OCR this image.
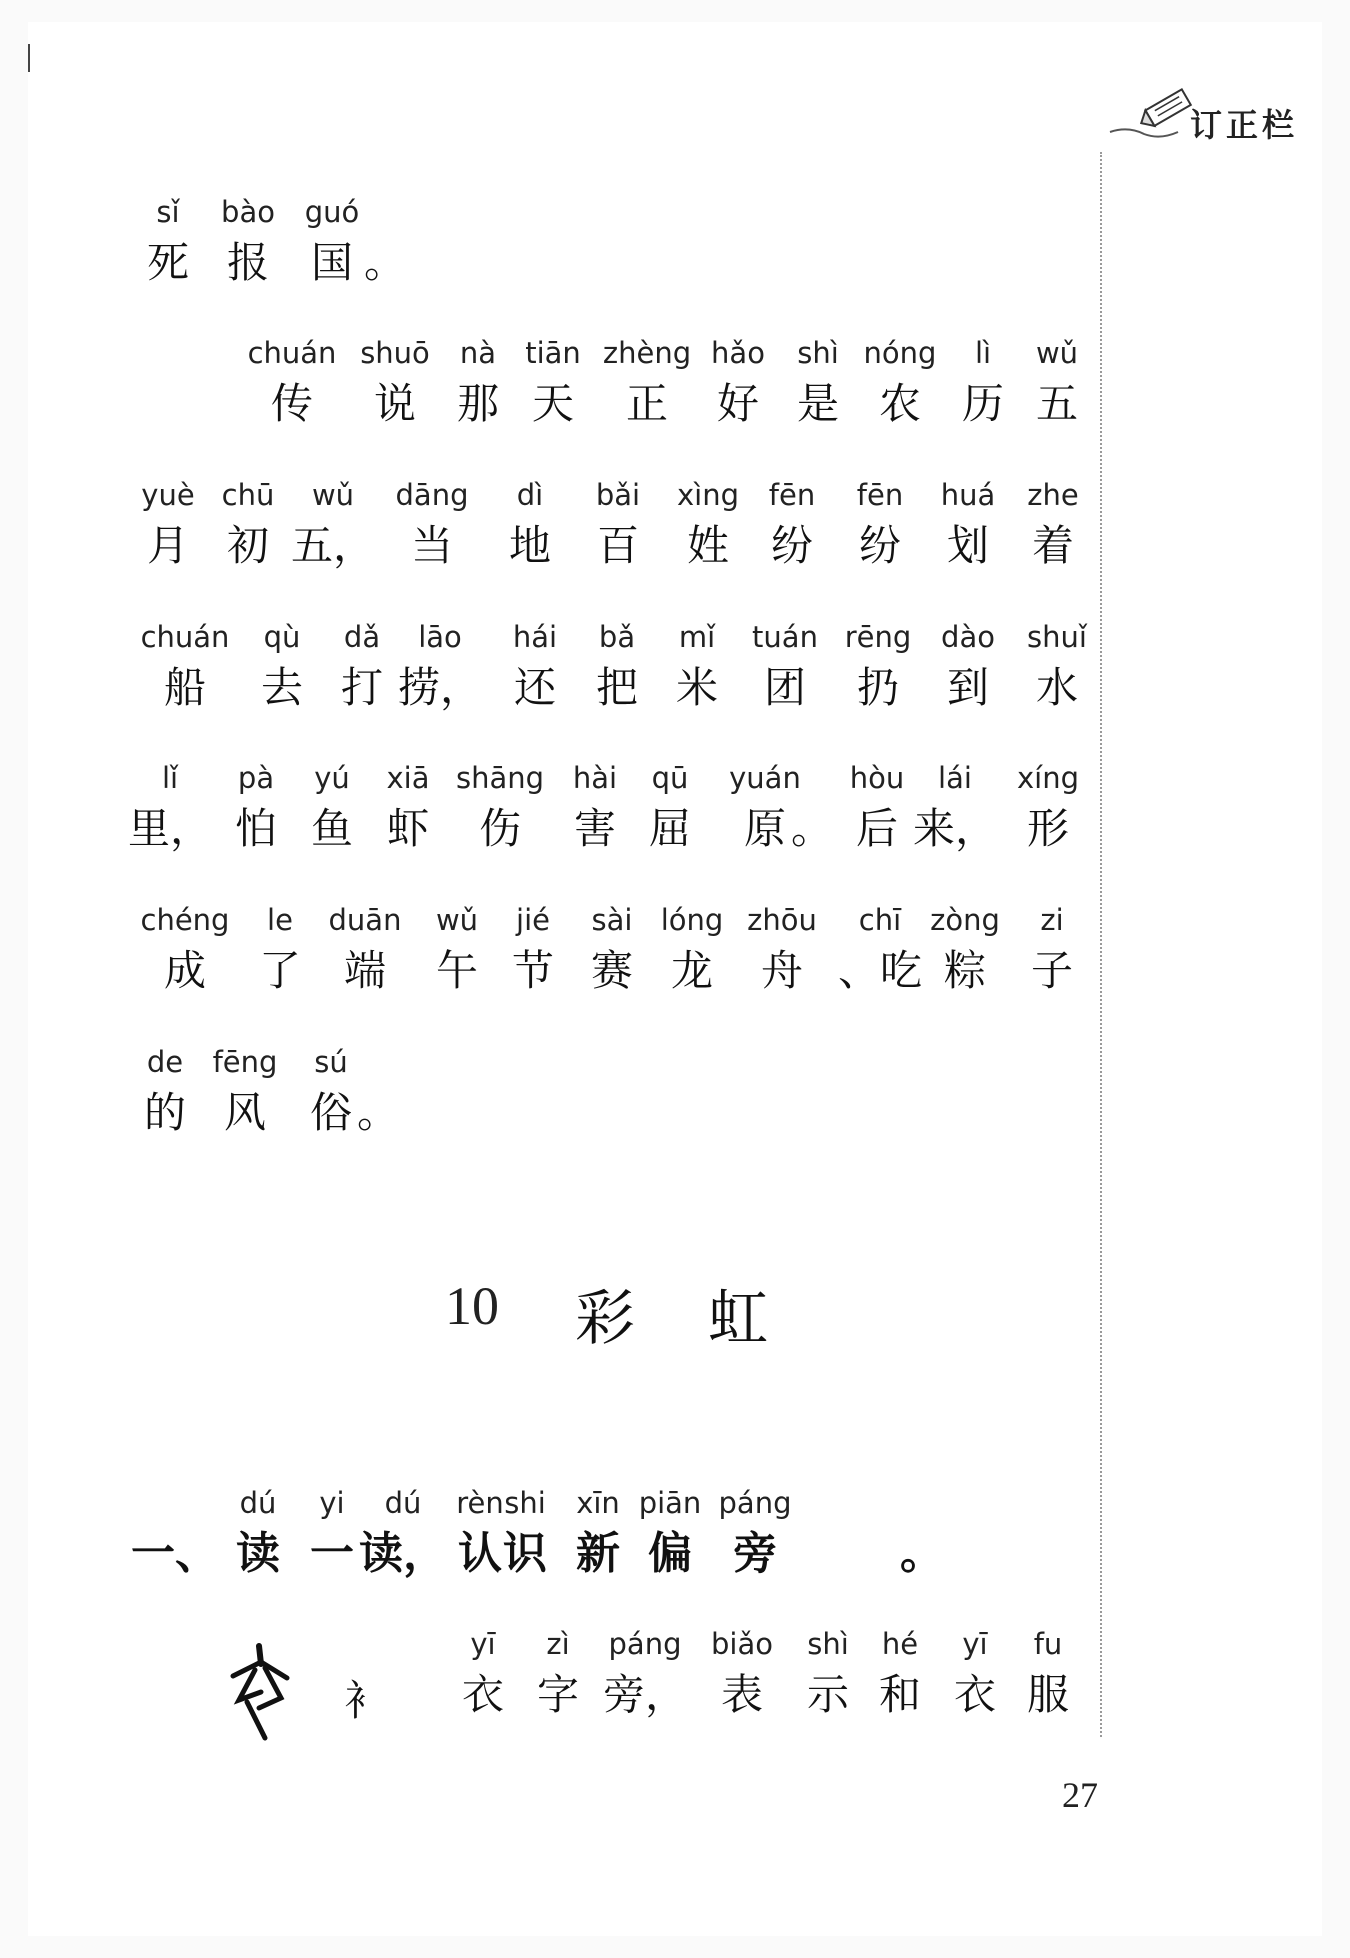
订正栏
sǐ
死
bào
报
guó
国 。
chuán
传
shuō
说
nà
那
tiān
天
zhèng
正
hǎo
好
shì
是
nóng
农
lì
历
wǔ
五
yuè
月
chū
初
wǔ
五，
dāng
当
dì
地
bǎi
百
xìng
姓
fēn
纷
fēn
纷
huá
划
zhe
着
chuán
船
qù
去
dǎ
打
lāo
捞，
hái
还
bǎ
把
mǐ
米
tuán
团
rēng
扔
dào
到
shuǐ
水
lǐ
里，
pà
怕
yú
鱼
xiā
虾
shāng
伤
hài
害
qū
屈
yuán
原 。
hòu
后
lái
来，
xíng
形
chéng
成
le
了
duān
端
wǔ
午
jié
节
sài
赛
lóng
龙
zhōu
舟
chī
、吃
zòng
粽
zi
子
de
的
fēng
风
sú
俗 。
10 彩 虹
一、
dú
读
yi
一
dú
读，
rèn
认
shi
识
xīn
新
piān
偏
páng
旁	。
衤
yī
衣
zì
字
páng
旁，
biǎo
表
shì
示
hé
和
yī
衣
fu
服
27
